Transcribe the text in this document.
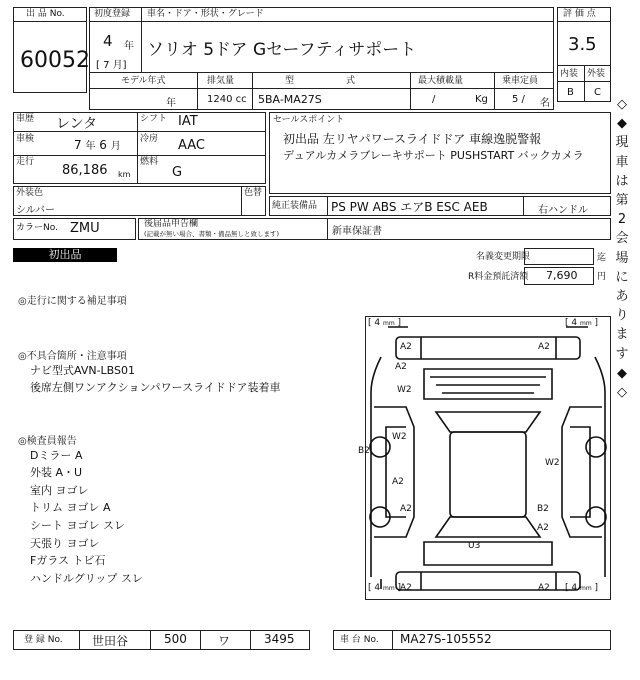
出 品 No.
60052
初度登録 車名・ドア・形状・グレード
4 年
[ 7 月]
ソリオ 5ドア Gセーフティサポート
モデル年式	排気量	型	式	最大積載量	乗車定員
年	1240 cc 5BA-MA27S	/	Kg 5 / 名
評 価 点
3.5
内装 外装
B C
車歴 レンタ	シフト IAT
車検	7 年 6 月
冷房 AAC
走行
86,186 km
燃料
G
外装色
シルバー
色替
カラーNo. ZMU
セールスポイント
初出品 左リヤパワースライドドア 車線逸脱警報
デュアルカメラブレーキサポート PUSHSTART バックカメラ
純正装備品 PS PW ABS エアB ESC AEB	右ハンドル
後届品申告欄
(記載が無い場合、書類・備品無しと致します)	新車保証書
初出品	名義変更期限	迄
R料金預託済額 7,690 円
◎走行に関する補足事項
◎不具合箇所・注意事項
ナビ型式AVN-LBS01
後席左側ワンアクションパワースライドドア装着車
◎検査員報告
Dミラー A
外装 A・U
室内 ヨゴレ
トリム ヨゴレ A
シート ヨゴレ スレ
天張り ヨゴレ
Fガラス トビ石
ハンドルグリップ スレ
[ 4 mm ]	[ 4 mm ]
[ 4 mm ]	[ 4 mm ]
A2	A2
A2
W2
W2
B2
W2
A2
A2	B2
A2
U3
A2	A2
◇
◆
現
車
は
第
2
会
場
に
あ
り
ま
す
◆
◇
登 録 No. 世田谷	500	ワ	3495	車 台 No. MA27S-105552
